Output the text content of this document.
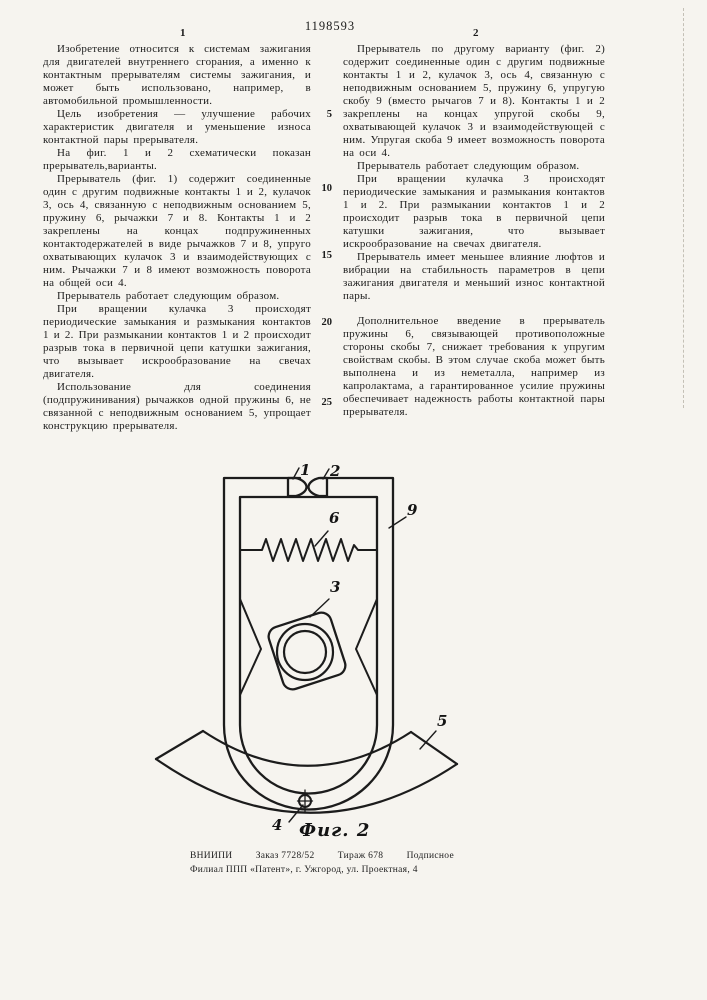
1	1198593	2

Изобретение относится к системам зажигания для двигателей внутреннего сгорания, а именно к контактным прерывателям системы зажигания, и может быть использовано, например, в автомобильной промышленности.

Цель изобретения — улучшение рабочих характеристик двигателя и уменьшение износа контактной пары прерывателя.

На фиг. 1 и 2 схематически показан прерыватель,варианты.

Прерыватель (фиг. 1) содержит соединенные один с другим подвижные контакты 1 и 2, кулачок 3, ось 4, связанную с неподвижным основанием 5, пружину 6, рычажки 7 и 8. Контакты 1 и 2 закреплены на концах подпружиненных контактодержателей в виде рычажков 7 и 8, упруго охватывающих кулачок 3 и взаимодействующих с ним. Рычажки 7 и 8 имеют возможность поворота на общей оси 4.

Прерыватель работает следующим образом.

При вращении кулачка 3 происходят периодические замыкания и размыкания контактов 1 и 2. При размыкании контактов 1 и 2 происходит разрыв тока в первичной цепи катушки зажигания, что вызывает искрообразование на свечах двигателя.

Использование для соединения (подпружинивания) рычажков одной пружины 6, не связанной с неподвижным основанием 5, упрощает конструкцию прерывателя.

Прерыватель по другому варианту (фиг. 2) содержит соединенные один с другим подвижные контакты 1 и 2, кулачок 3, ось 4, связанную с неподвижным основанием 5, пружину 6, упругую скобу 9 (вместо рычагов 7 и 8). Контакты 1 и 2 закреплены на концах упругой скобы 9, охватывающей кулачок 3 и взаимодействующей с ним. Упругая скоба 9 имеет возможность поворота на оси 4.

Прерыватель работает следующим образом.

При вращении кулачка 3 происходят периодические замыкания и размыкания контактов 1 и 2. При размыкании контактов 1 и 2 происходит разрыв тока в первичной цепи катушки зажигания, что вызывает искрообразование на свечах двигателя.

Прерыватель имеет меньшее влияние люфтов и вибрации на стабильность параметров в цепи зажигания двигателя и меньший износ контактной пары.

Дополнительное введение в прерыватель пружины 6, связывающей противоположные стороны скобы 7, снижает требования к упругим свойствам скобы. В этом случае скоба может быть выполнена и из неметалла, например из капролактама, а гарантированное усилие пружины обеспечивает надежность работы контактной пары прерывателя.

5
10
15
20
25
1 2
6	9
3
5
4 Фиг. 2
ВНИИПИ Заказ 7728/52 Тираж 678 Подписное
Филиал ППП «Патент», г. Ужгород, ул. Проектная, 4
